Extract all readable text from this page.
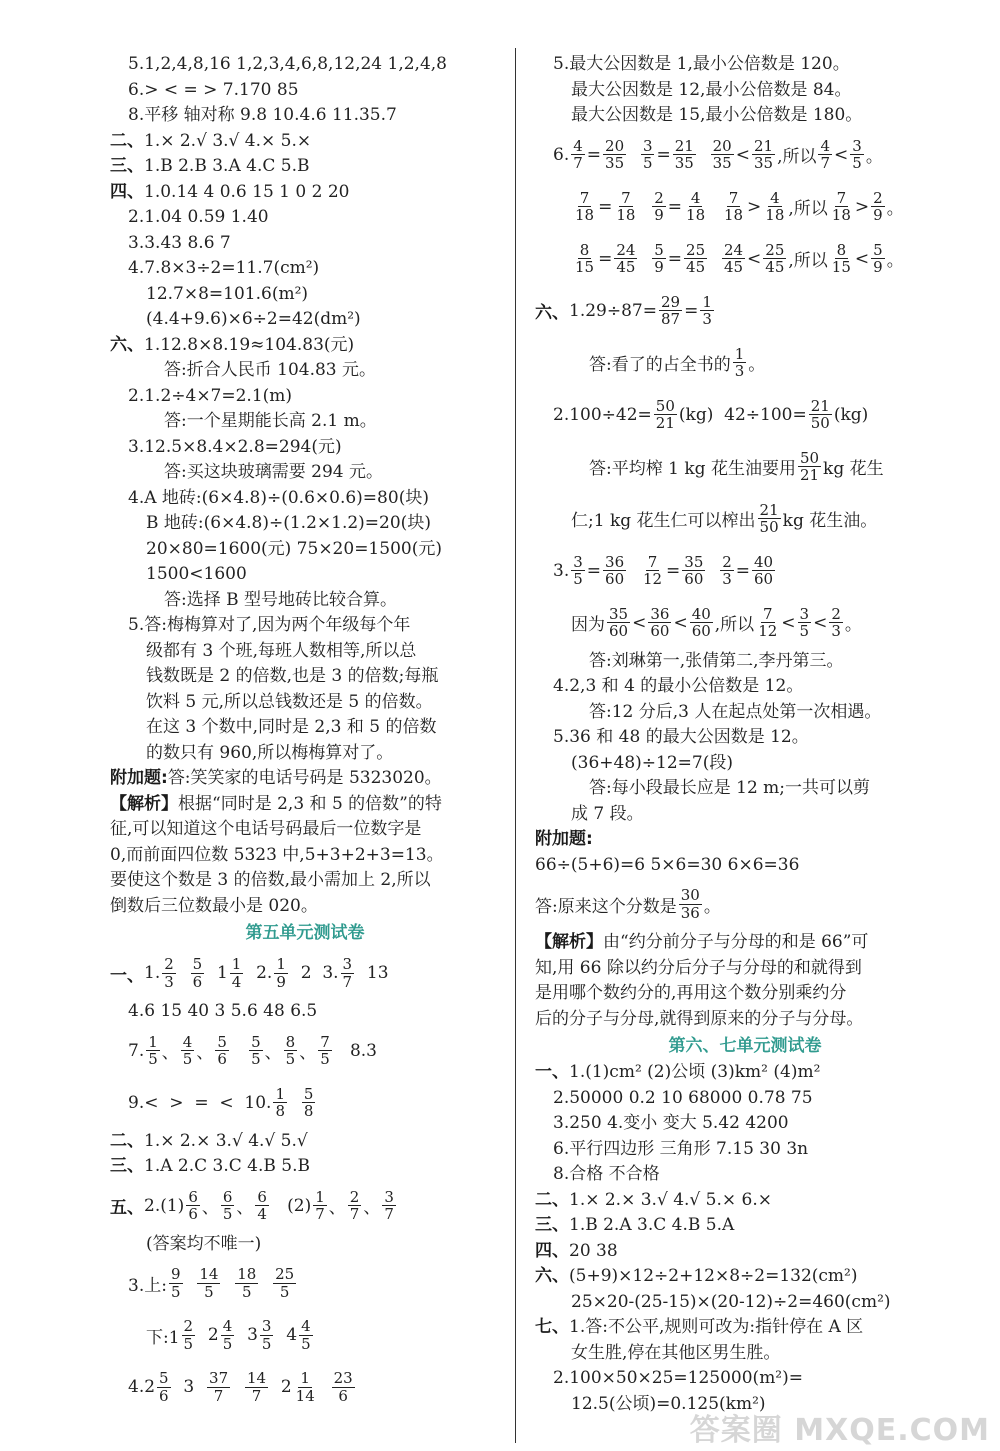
5.1,2,4,8,16 1,2,3,4,6,8,12,24 1,2,4,8
6.> < = > 7.170 85
8.平移 轴对称 9.8 10.4.6 11.35.7
二、1.× 2.√ 3.√ 4.× 5.×
三、1.B 2.B 3.A 4.C 5.B
四、1.0.14 4 0.6 15 1 0 2 20
2.1.04 0.59 1.40
3.3.43 8.6 7
4.7.8×3÷2=11.7(cm²)
12.7×8=101.6(m²)
(4.4+9.6)×6÷2=42(dm²)
六、1.12.8×8.19≈104.83(元)
答:折合人民币 104.83 元。
2.1.2÷4×7=2.1(m)
答:一个星期能长高 2.1 m。
3.12.5×8.4×2.8=294(元)
答:买这块玻璃需要 294 元。
4.A 地砖:(6×4.8)÷(0.6×0.6)=80(块)
B 地砖:(6×4.8)÷(1.2×1.2)=20(块)
20×80=1600(元) 75×20=1500(元)
1500<1600
答:选择 B 型号地砖比较合算。
5.答:梅梅算对了,因为两个年级每个年
级都有 3 个班,每班人数相等,所以总
钱数既是 2 的倍数,也是 3 的倍数;每瓶
饮料 5 元,所以总钱数还是 5 的倍数。
在这 3 个数中,同时是 2,3 和 5 的倍数
的数只有 960,所以梅梅算对了。
附加题:答:笑笑家的电话号码是 5323020。
【解析】根据“同时是 2,3 和 5 的倍数”的特
征,可以知道这个电话号码最后一位数字是
0,而前面四位数 5323 中,5+3+2+3=13。
要使这个数是 3 的倍数,最小需加上 2,所以
倒数后三位数最小是 020。
第五单元测试卷
一、 1. $\frac{2}{3}$
$\frac{5}{6} 1 \frac{1}{4} 2$. $\frac{1}{9} 2$  3. $\frac{3}{7} 13$
4.6 15 40 3 5.6 48 6.5
7. $\frac{1}{5}$ 、 $\frac{4}{5}$ 、 $\frac{5}{6}$
$\frac{5}{5}$ 、 $\frac{8}{5}$ 、 $\frac{7}{5} 8.3$
9.<  >  =  <  10. $\frac{1}{8}$
$\frac{5}{8}$
二、1.× 2.× 3.√ 4.√ 5.√
三、1.A 2.C 3.C 4.B 5.B
五、 $2.(1) \frac{6}{6}$ 、 $\frac{6}{5}$ 、 $\frac{6}{4} (2) \frac{1}{7}$ 、 $\frac{2}{7}$ 、 $\frac{3}{7}$
(答案均不唯一)
3.上: $\frac{9}{5}$
$\frac{14}{5}$
$\frac{18}{5}$
$\frac{25}{5}$
下:1 $\frac{2}{5} 2 \frac{4}{5} 3 \frac{3}{5} 4 \frac{4}{5}$
$4.2 \frac{5}{6} 3 \frac{37}{7}$
$\frac{14}{7} 2 \frac{1}{14}$
$\frac{23}{6}$
5.最大公因数是 1,最小公倍数是 120。
最大公因数是 12,最小公倍数是 84。
最大公因数是 15,最小公倍数是 180。
6. $\frac{4}{7} = \frac{20}{35}$
$\frac{3}{5} = \frac{21}{35}$
$\frac{20}{35} < \frac{21}{35}$ ,所以 $\frac{4}{7} < \frac{3}{5}$ 。
$\frac{7}{18} = \frac{7}{18}$
$\frac{2}{9} = \frac{4}{18}$
$\frac{7}{18} > \frac{4}{18}$ ,所以 $\frac{7}{18} > \frac{2}{9}$ 。
$\frac{8}{15} = \frac{24}{45}$
$\frac{5}{9} = \frac{25}{45}$
$\frac{24}{45} < \frac{25}{45}$ ,所以 $\frac{8}{15} < \frac{5}{9}$ 。
六、 $1.29\div 87= \frac{29}{87} = \frac{1}{3}$
答:看了的占全书的 $\frac{1}{3}$ 。
$2.100\div 42= \frac{50}{21} (kg)$  $42\div 100= \frac{21}{50} (kg)$
答:平均榨 1 kg 花生油要用 $\frac{50}{21}$ kg 花生
仁;1 kg 花生仁可以榨出 $\frac{21}{50}$ kg 花生油。
3. $\frac{3}{5} = \frac{36}{60}$
$\frac{7}{12} = \frac{35}{60}$
$\frac{2}{3} = \frac{40}{60}$
因为 $\frac{35}{60} < \frac{36}{60} < \frac{40}{60}$ ,所以 $\frac{7}{12} < \frac{3}{5} < \frac{2}{3}$ 。
答:刘琳第一,张倩第二,李丹第三。
4.2,3 和 4 的最小公倍数是 12。
答:12 分后,3 人在起点处第一次相遇。
5.36 和 48 的最大公因数是 12。
(36+48)÷12=7(段)
答:每小段最长应是 12 m;一共可以剪
成 7 段。
附加题:
66÷(5+6)=6 5×6=30 6×6=36
答:原来这个分数是 $\frac{30}{36}$ 。
【解析】由“约分前分子与分母的和是 66”可
知,用 66 除以约分后分子与分母的和就得到
是用哪个数约分的,再用这个数分别乘约分
后的分子与分母,就得到原来的分子与分母。
第六、七单元测试卷
一、1.(1)cm² (2)公顷 (3)km² (4)m²
2.50000 0.2 10 68000 0.78 75
3.250 4.变小 变大 5.42 4200
6.平行四边形 三角形 7.15 30 3n
8.合格 不合格
二、1.× 2.× 3.√ 4.√ 5.× 6.×
三、1.B 2.A 3.C 4.B 5.A
四、20 38
六、(5+9)×12÷2+12×8÷2=132(cm²)
25×20-(25-15)×(20-12)÷2=460(cm²)
七、1.答:不公平,规则可改为:指针停在 A 区
女生胜,停在其他区男生胜。
2.100×50×25=125000(m²)=
12.5(公顷)=0.125(km²)
答案圈 MXQE.COM
